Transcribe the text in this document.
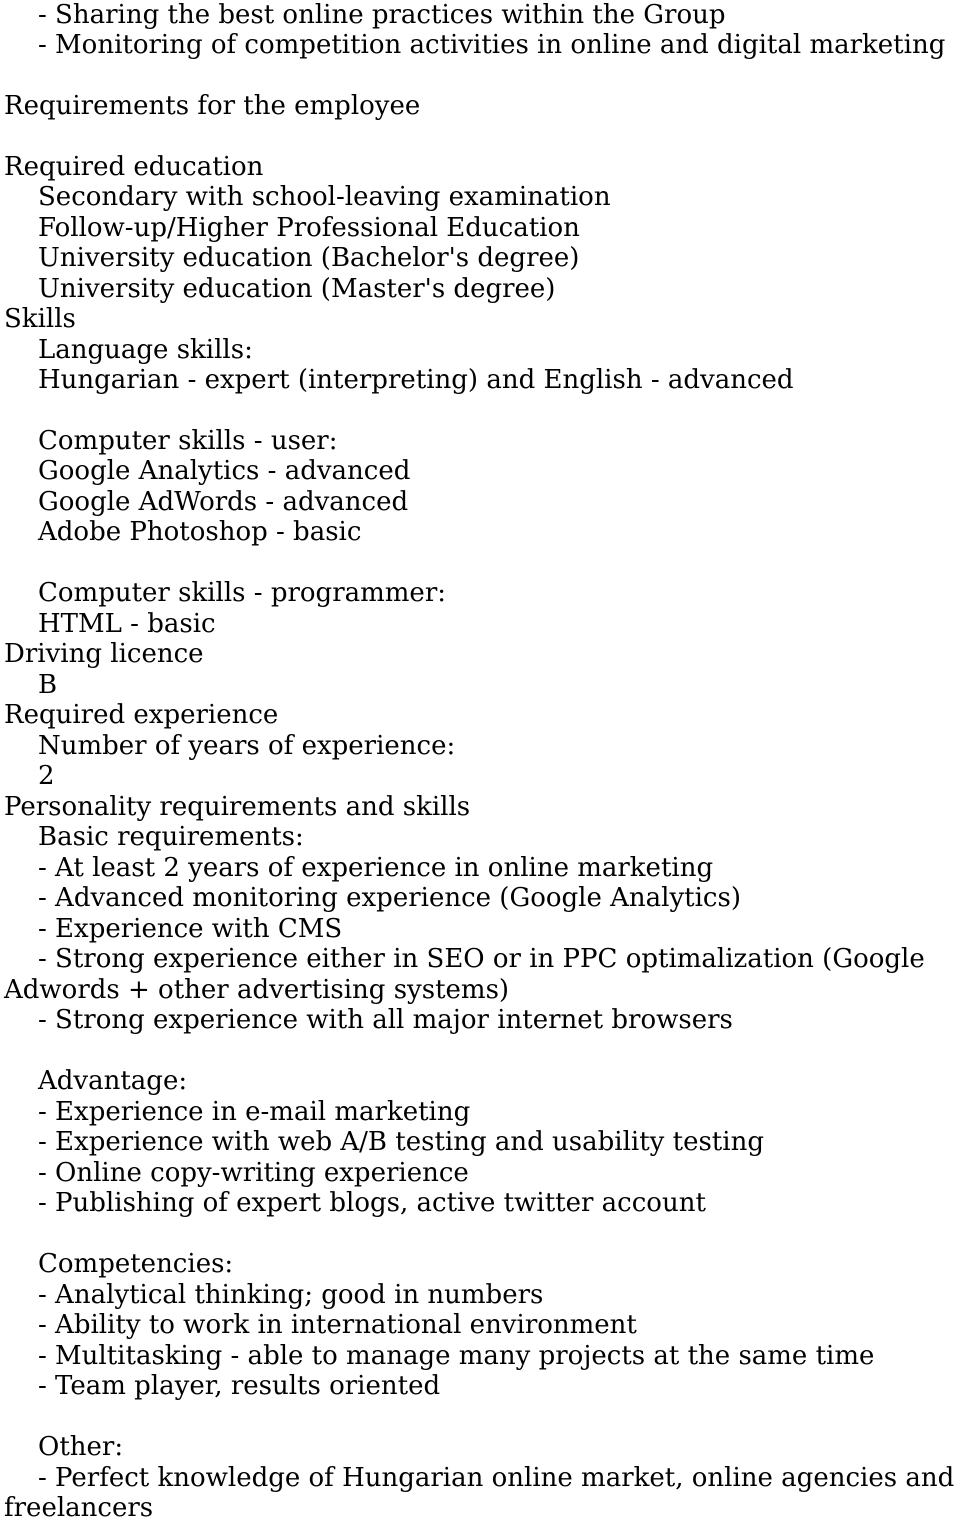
- Sharing the best online practices within the Group
- Monitoring of competition activities in online and digital marketing
Requirements for the employee
Required education
Secondary with school-leaving examination
Follow-up/Higher Professional Education
University education (Bachelor's degree)
University education (Master's degree)
Skills
Language skills:
Hungarian - expert (interpreting) and English - advanced
Computer skills - user:
Google Analytics - advanced
Google AdWords - advanced
Adobe Photoshop - basic
Computer skills - programmer:
HTML - basic
Driving licence
B
Required experience
Number of years of experience:
2
Personality requirements and skills
Basic requirements:
- At least 2 years of experience in online marketing
- Advanced monitoring experience (Google Analytics)
- Experience with CMS
- Strong experience either in SEO or in PPC optimalization (Google
Adwords + other advertising systems)
- Strong experience with all major internet browsers
Advantage:
- Experience in e-mail marketing
- Experience with web A/B testing and usability testing
- Online copy-writing experience
- Publishing of expert blogs, active twitter account
Competencies:
- Analytical thinking; good in numbers
- Ability to work in international environment
- Multitasking - able to manage many projects at the same time
- Team player, results oriented
Other:
- Perfect knowledge of Hungarian online market, online agencies and
freelancers
